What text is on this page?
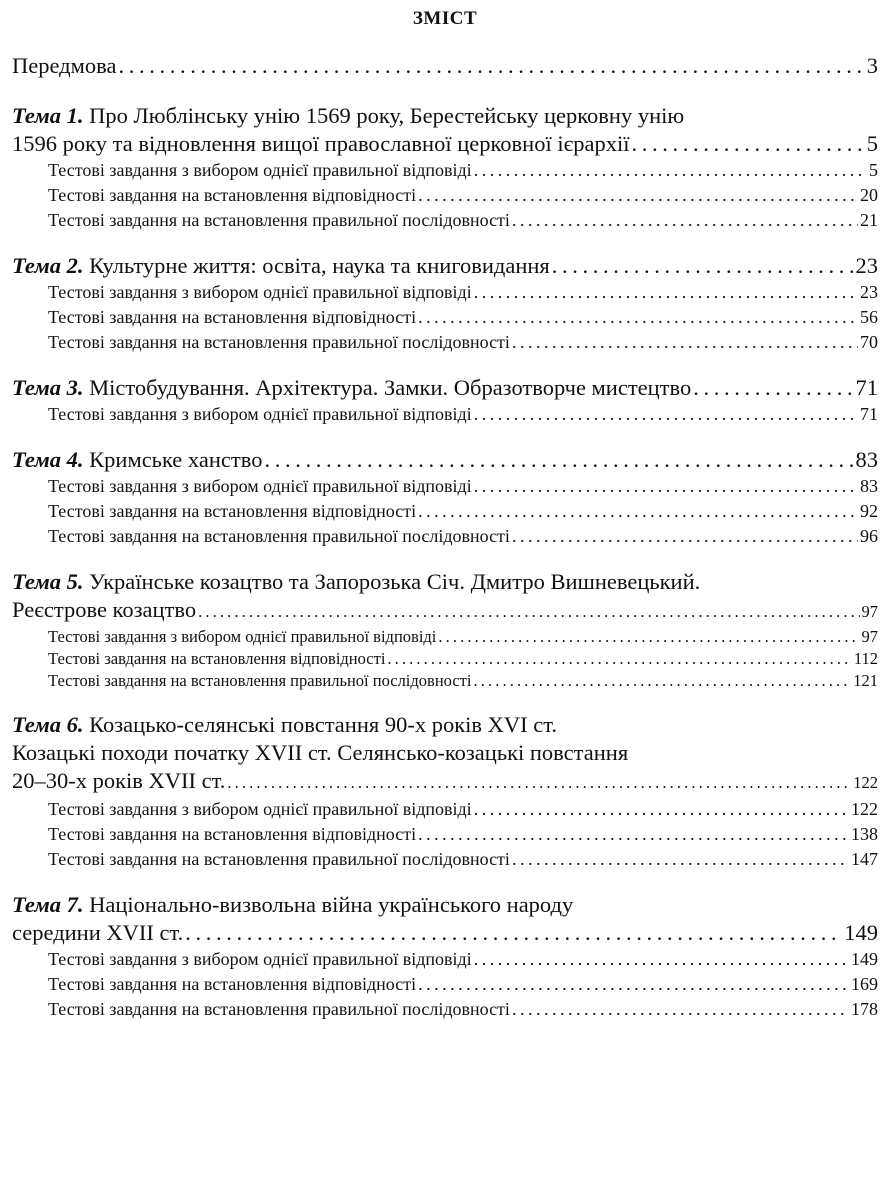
ЗМІСТ
Передмова . . .	3
Тема 1. Про Люблінську унію 1569 року, Берестейську церковну унію
1596 року та відновлення вищої православної церковної ієрархії . . .	5
Тестові завдання з вибором однієї правильної відповіді . . .	5
Тестові завдання на встановлення відповідності . . .	20
Тестові завдання на встановлення правильної послідовності . . .	21
Тема 2. Культурне життя: освіта, наука та книговидання . . .	23
Тестові завдання з вибором однієї правильної відповіді . . .	23
Тестові завдання на встановлення відповідності . . .	56
Тестові завдання на встановлення правильної послідовності . . .	70
Тема 3. Містобудування. Архітектура. Замки. Образотворче мистецтво . . .	71
Тестові завдання з вибором однієї правильної відповіді . . .	71
Тема 4. Кримське ханство . . .	83
Тестові завдання з вибором однієї правильної відповіді . . .	83
Тестові завдання на встановлення відповідності . . .	92
Тестові завдання на встановлення правильної послідовності . . .	96
Тема 5. Українське козацтво та Запорозька Січ. Дмитро Вишневецький.
Реєстрове козацтво . . .	97
Тестові завдання з вибором однієї правильної відповіді . . .	97
Тестові завдання на встановлення відповідності . . .	112
Тестові завдання на встановлення правильної послідовності . . .	121
Тема 6. Козацько-селянські повстання 90-х років XVI ст.
Козацькі походи початку XVII ст. Селянсько-козацькі повстання
20–30-х років XVII ст. . . .	122
Тестові завдання з вибором однієї правильної відповіді . . .	122
Тестові завдання на встановлення відповідності . . .	138
Тестові завдання на встановлення правильної послідовності . . .	147
Тема 7. Національно-визвольна війна українського народу
середини XVII ст. . . .	149
Тестові завдання з вибором однієї правильної відповіді . . .	149
Тестові завдання на встановлення відповідності . . .	169
Тестові завдання на встановлення правильної послідовності . . .	178
